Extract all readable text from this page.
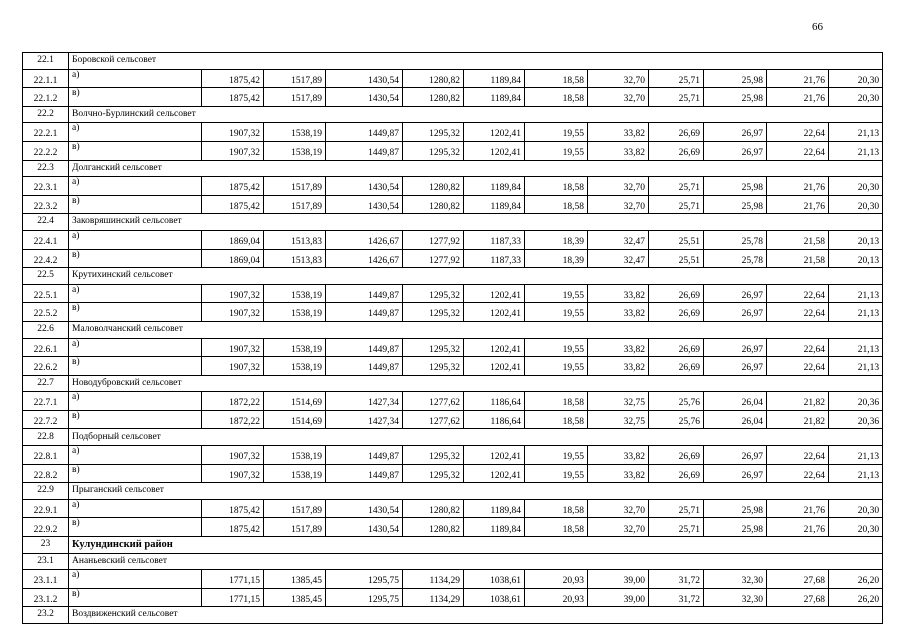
66
22.1	Боровской сельсовет											
22.1.1	а)	1875,42	1517,89	1430,54	1280,82	1189,84	18,58	32,70	25,71	25,98	21,76	20,30
22.1.2	в)	1875,42	1517,89	1430,54	1280,82	1189,84	18,58	32,70	25,71	25,98	21,76	20,30
22.2	Волчно-Бурлинский сельсовет											
22.2.1	а)	1907,32	1538,19	1449,87	1295,32	1202,41	19,55	33,82	26,69	26,97	22,64	21,13
22.2.2	в)	1907,32	1538,19	1449,87	1295,32	1202,41	19,55	33,82	26,69	26,97	22,64	21,13
22.3	Долганский сельсовет											
22.3.1	а)	1875,42	1517,89	1430,54	1280,82	1189,84	18,58	32,70	25,71	25,98	21,76	20,30
22.3.2	в)	1875,42	1517,89	1430,54	1280,82	1189,84	18,58	32,70	25,71	25,98	21,76	20,30
22.4	Заковряшинский сельсовет											
22.4.1	а)	1869,04	1513,83	1426,67	1277,92	1187,33	18,39	32,47	25,51	25,78	21,58	20,13
22.4.2	в)	1869,04	1513,83	1426,67	1277,92	1187,33	18,39	32,47	25,51	25,78	21,58	20,13
22.5	Крутихинский сельсовет											
22.5.1	а)	1907,32	1538,19	1449,87	1295,32	1202,41	19,55	33,82	26,69	26,97	22,64	21,13
22.5.2	в)	1907,32	1538,19	1449,87	1295,32	1202,41	19,55	33,82	26,69	26,97	22,64	21,13
22.6	Маловолчанский сельсовет											
22.6.1	а)	1907,32	1538,19	1449,87	1295,32	1202,41	19,55	33,82	26,69	26,97	22,64	21,13
22.6.2	в)	1907,32	1538,19	1449,87	1295,32	1202,41	19,55	33,82	26,69	26,97	22,64	21,13
22.7	Новодубровский сельсовет											
22.7.1	а)	1872,22	1514,69	1427,34	1277,62	1186,64	18,58	32,75	25,76	26,04	21,82	20,36
22.7.2	в)	1872,22	1514,69	1427,34	1277,62	1186,64	18,58	32,75	25,76	26,04	21,82	20,36
22.8	Подборный сельсовет											
22.8.1	а)	1907,32	1538,19	1449,87	1295,32	1202,41	19,55	33,82	26,69	26,97	22,64	21,13
22.8.2	в)	1907,32	1538,19	1449,87	1295,32	1202,41	19,55	33,82	26,69	26,97	22,64	21,13
22.9	Прыганский сельсовет											
22.9.1	а)	1875,42	1517,89	1430,54	1280,82	1189,84	18,58	32,70	25,71	25,98	21,76	20,30
22.9.2	в)	1875,42	1517,89	1430,54	1280,82	1189,84	18,58	32,70	25,71	25,98	21,76	20,30
23	Кулундинский район											
23.1	Ананьевский сельсовет											
23.1.1	а)	1771,15	1385,45	1295,75	1134,29	1038,61	20,93	39,00	31,72	32,30	27,68	26,20
23.1.2	в)	1771,15	1385,45	1295,75	1134,29	1038,61	20,93	39,00	31,72	32,30	27,68	26,20
23.2	Воздвиженский сельсовет											
